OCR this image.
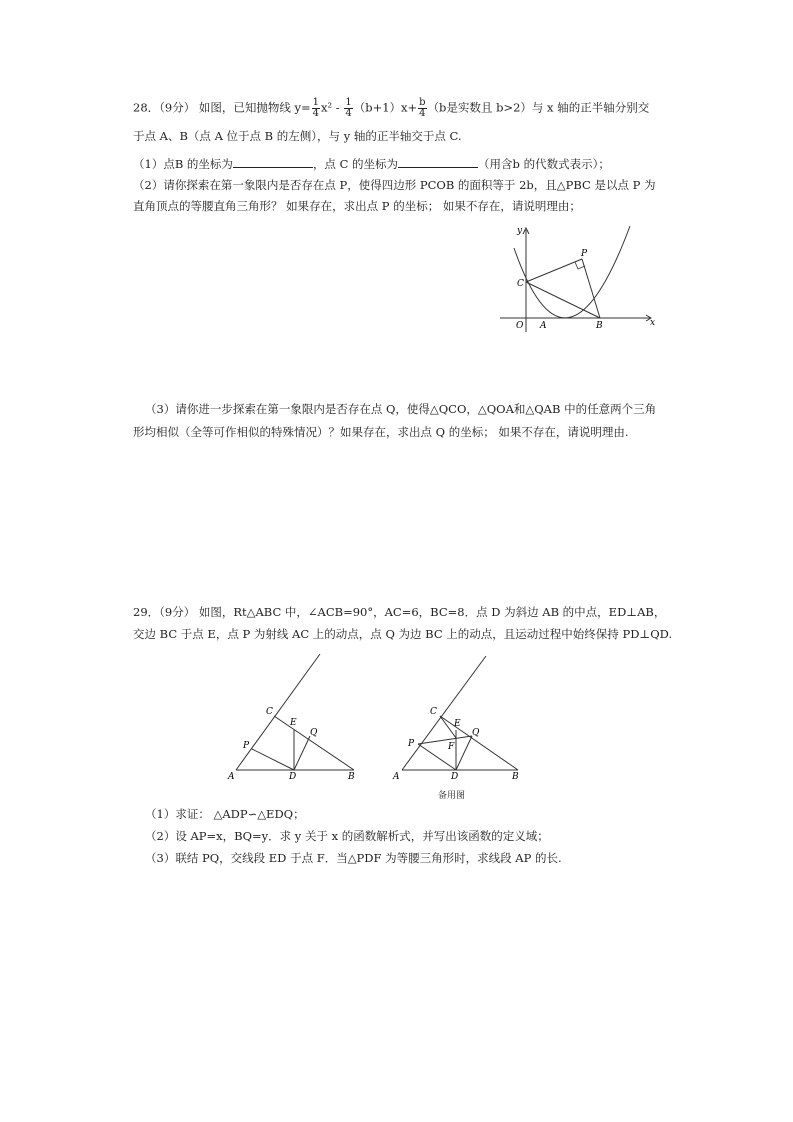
28．（9分） 如图，已知抛物线 $y= \frac{1}{4} x^2 - \frac{1}{4} (b+1)x+ \frac{b}{4} (b$是实数且 b>2）与 x 轴的正半轴分别交
于点 A、B（点 A 位于点 B 的左侧），与 y 轴的正半轴交于点 C.
（1）点B 的坐标为	，点 C 的坐标为	（用含b 的代数式表示）；
（2）请你探索在第一象限内是否存在点 P，使得四边形 PCOB 的面积等于 2b，且△PBC 是以点 P 为
直角顶点的等腰直角三角形？ 如果存在，求出点 P 的坐标； 如果不存在，请说明理由；
y
x
O A	B
C
P
（3）请你进一步探索在第一象限内是否存在点 Q，使得△QCO，△QOA和△QAB 中的任意两个三角
形均相似（全等可作相似的特殊情况）？如果存在，求出点 Q 的坐标； 如果不存在，请说明理由.
29．（9分） 如图，Rt△ABC 中，∠ACB=90°，AC=6，BC=8．点 D 为斜边 AB 的中点，ED⊥AB，
交边 BC 于点 E，点 P 为射线 AC 上的动点，点 Q 为边 BC 上的动点，且运动过程中始终保持 PD⊥QD.
A	B
C
D
E
P
Q
A	B
C
D
E
F
P
Q
备用图
（1）求证： △ADP∽△EDQ；
（2）设 AP=x，BQ=y．求 y 关于 x 的函数解析式，并写出该函数的定义域；
（3）联结 PQ，交线段 ED 于点 F．当△PDF 为等腰三角形时，求线段 AP 的长.
